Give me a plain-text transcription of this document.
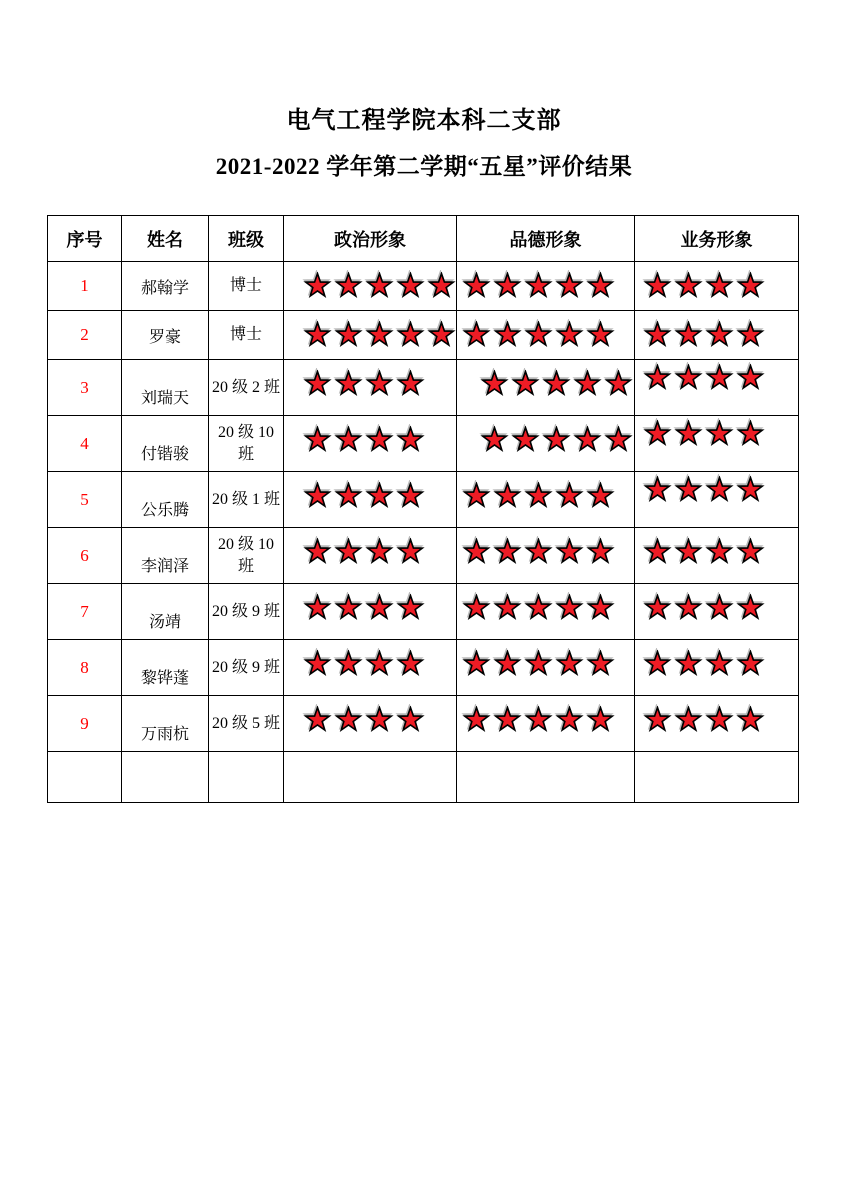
电气工程学院本科二支部
2021-2022 学年第二学期“五星”评价结果
序号	姓名	班级	政治形象	品德形象	业务形象
1	郝翰学	博士	

2	罗豪	博士	

3	刘瑞天	20 级 2 班	

4	付锴骏	20 级 10 班	

5	公乐腾	20 级 1 班	

6	李润泽	20 级 10 班	

7	汤靖	20 级 9 班	

8	黎铧蓬	20 级 9 班	

9	万雨杭	20 级 5 班	
